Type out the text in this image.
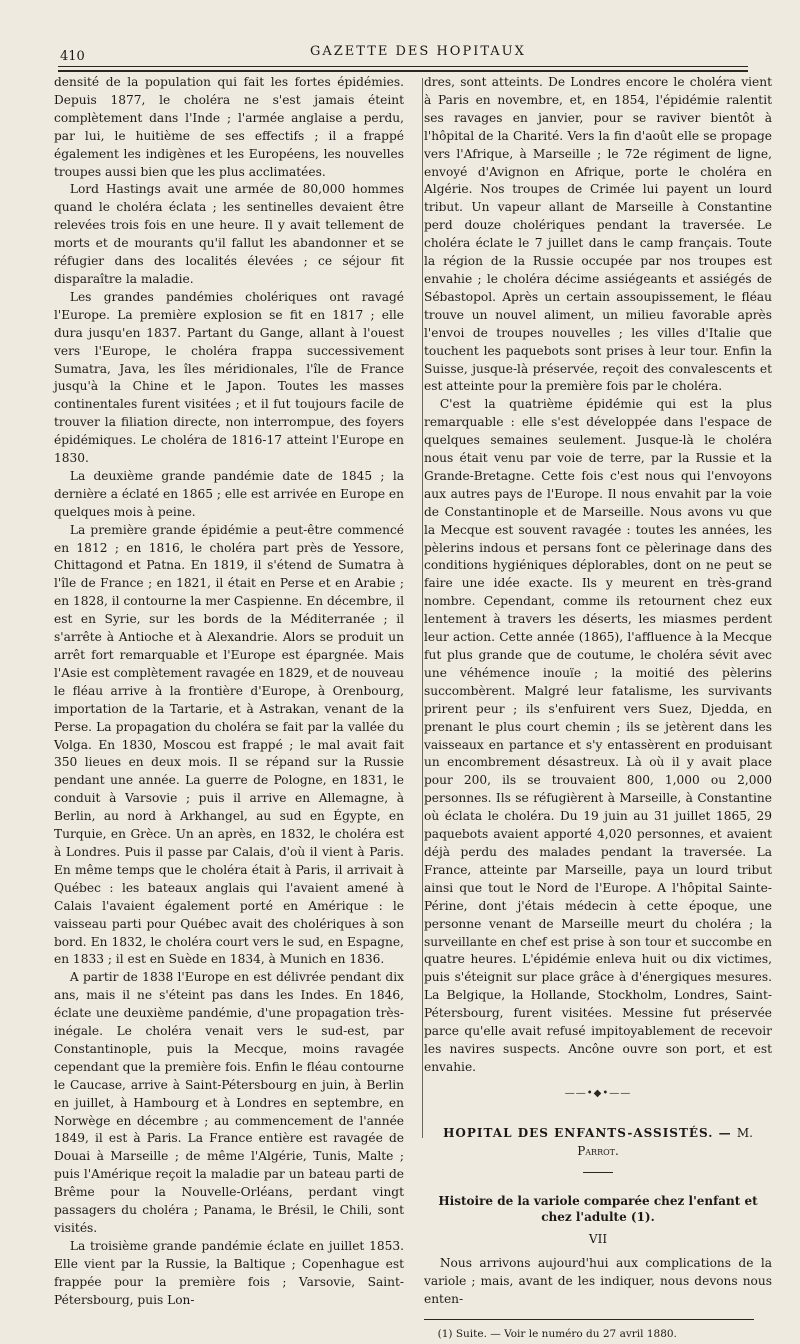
410	GAZETTE DES HOPITAUX

densité de la population qui fait les fortes épidémies. Depuis 1877, le choléra ne s'est jamais éteint complètement dans l'Inde ; l'armée anglaise a perdu, par lui, le huitième de ses effectifs ; il a frappé également les indigènes et les Européens, les nouvelles troupes aussi bien que les plus acclimatées.

Lord Hastings avait une armée de 80,000 hommes quand le choléra éclata ; les sentinelles devaient être relevées trois fois en une heure. Il y avait tellement de morts et de mourants qu'il fallut les abandonner et se réfugier dans des localités élevées ; ce séjour fit disparaître la maladie.

Les grandes pandémies cholériques ont ravagé l'Europe. La première explosion se fit en 1817 ; elle dura jusqu'en 1837. Partant du Gange, allant à l'ouest vers l'Europe, le choléra frappa successivement Sumatra, Java, les îles méridionales, l'île de France jusqu'à la Chine et le Japon. Toutes les masses continentales furent visitées ; et il fut toujours facile de trouver la filiation directe, non interrompue, des foyers épidémiques. Le choléra de 1816-17 atteint l'Europe en 1830.

La deuxième grande pandémie date de 1845 ; la dernière a éclaté en 1865 ; elle est arrivée en Europe en quelques mois à peine.

La première grande épidémie a peut-être commencé en 1812 ; en 1816, le choléra part près de Yessore, Chittagond et Patna. En 1819, il s'étend de Sumatra à l'île de France ; en 1821, il était en Perse et en Arabie ; en 1828, il contourne la mer Caspienne. En décembre, il est en Syrie, sur les bords de la Méditerranée ; il s'arrête à Antioche et à Alexandrie. Alors se produit un arrêt fort remarquable et l'Europe est épargnée. Mais l'Asie est complètement ravagée en 1829, et de nouveau le fléau arrive à la frontière d'Europe, à Orenbourg, importation de la Tartarie, et à Astrakan, venant de la Perse. La propagation du choléra se fait par la vallée du Volga. En 1830, Moscou est frappé ; le mal avait fait 350 lieues en deux mois. Il se répand sur la Russie pendant une année. La guerre de Pologne, en 1831, le conduit à Varsovie ; puis il arrive en Allemagne, à Berlin, au nord à Arkhangel, au sud en Égypte, en Turquie, en Grèce. Un an après, en 1832, le choléra est à Londres. Puis il passe par Calais, d'où il vient à Paris. En même temps que le choléra était à Paris, il arrivait à Québec : les bateaux anglais qui l'avaient amené à Calais l'avaient également porté en Amérique : le vaisseau parti pour Québec avait des cholériques à son bord. En 1832, le choléra court vers le sud, en Espagne, en 1833 ; il est en Suède en 1834, à Munich en 1836.

A partir de 1838 l'Europe en est délivrée pendant dix ans, mais il ne s'éteint pas dans les Indes. En 1846, éclate une deuxième pandémie, d'une propagation très-inégale. Le choléra venait vers le sud-est, par Constantinople, puis la Mecque, moins ravagée cependant que la première fois. Enfin le fléau contourne le Caucase, arrive à Saint-Pétersbourg en juin, à Berlin en juillet, à Hambourg et à Londres en septembre, en Norwège en décembre ; au commencement de l'année 1849, il est à Paris. La France entière est ravagée de Douai à Marseille ; de même l'Algérie, Tunis, Malte ; puis l'Amérique reçoit la maladie par un bateau parti de Brême pour la Nouvelle-Orléans, perdant vingt passagers du choléra ; Panama, le Brésil, le Chili, sont visités.

La troisième grande pandémie éclate en juillet 1853. Elle vient par la Russie, la Baltique ; Copenhague est frappée pour la première fois ; Varsovie, Saint-Pétersbourg, puis Lon-

dres, sont atteints. De Londres encore le choléra vient à Paris en novembre, et, en 1854, l'épidémie ralentit ses ravages en janvier, pour se raviver bientôt à l'hôpital de la Charité. Vers la fin d'août elle se propage vers l'Afrique, à Marseille ; le 72e régiment de ligne, envoyé d'Avignon en Afrique, porte le choléra en Algérie. Nos troupes de Crimée lui payent un lourd tribut. Un vapeur allant de Marseille à Constantine perd douze cholériques pendant la traversée. Le choléra éclate le 7 juillet dans le camp français. Toute la région de la Russie occupée par nos troupes est envahie ; le choléra décime assiégeants et assiégés de Sébastopol. Après un certain assoupissement, le fléau trouve un nouvel aliment, un milieu favorable après l'envoi de troupes nouvelles ; les villes d'Italie que touchent les paquebots sont prises à leur tour. Enfin la Suisse, jusque-là préservée, reçoit des convalescents et est atteinte pour la première fois par le choléra.

C'est la quatrième épidémie qui est la plus remarquable : elle s'est développée dans l'espace de quelques semaines seulement. Jusque-là le choléra nous était venu par voie de terre, par la Russie et la Grande-Bretagne. Cette fois c'est nous qui l'envoyons aux autres pays de l'Europe. Il nous envahit par la voie de Constantinople et de Marseille. Nous avons vu que la Mecque est souvent ravagée : toutes les années, les pèlerins indous et persans font ce pèlerinage dans des conditions hygiéniques déplorables, dont on ne peut se faire une idée exacte. Ils y meurent en très-grand nombre. Cependant, comme ils retournent chez eux lentement à travers les déserts, les miasmes perdent leur action. Cette année (1865), l'affluence à la Mecque fut plus grande que de coutume, le choléra sévit avec une véhémence inouïe ; la moitié des pèlerins succombèrent. Malgré leur fatalisme, les survivants prirent peur ; ils s'enfuirent vers Suez, Djedda, en prenant le plus court chemin ; ils se jetèrent dans les vaisseaux en partance et s'y entassèrent en produisant un encombrement désastreux. Là où il y avait place pour 200, ils se trouvaient 800, 1,000 ou 2,000 personnes. Ils se réfugièrent à Marseille, à Constantine où éclata le choléra. Du 19 juin au 31 juillet 1865, 29 paquebots avaient apporté 4,020 personnes, et avaient déjà perdu des malades pendant la traversée. La France, atteinte par Marseille, paya un lourd tribut ainsi que tout le Nord de l'Europe. A l'hôpital Sainte-Périne, dont j'étais médecin à cette époque, une personne venant de Marseille meurt du choléra ; la surveillante en chef est prise à son tour et succombe en quatre heures. L'épidémie enleva huit ou dix victimes, puis s'éteignit sur place grâce à d'énergiques mesures. La Belgique, la Hollande, Stockholm, Londres, Saint-Pétersbourg, furent visitées. Messine fut préservée parce qu'elle avait refusé impitoyablement de recevoir les navires suspects. Ancône ouvre son port, et est envahie.

——•◆•——
HOPITAL DES ENFANTS-ASSISTÉS. — M. Parrot.
Histoire de la variole comparée chez l'enfant et chez l'adulte (1).
VII

Nous arrivons aujourd'hui aux complications de la variole ; mais, avant de les indiquer, nous devons nous enten-

(1) Suite. — Voir le numéro du 27 avril 1880.
